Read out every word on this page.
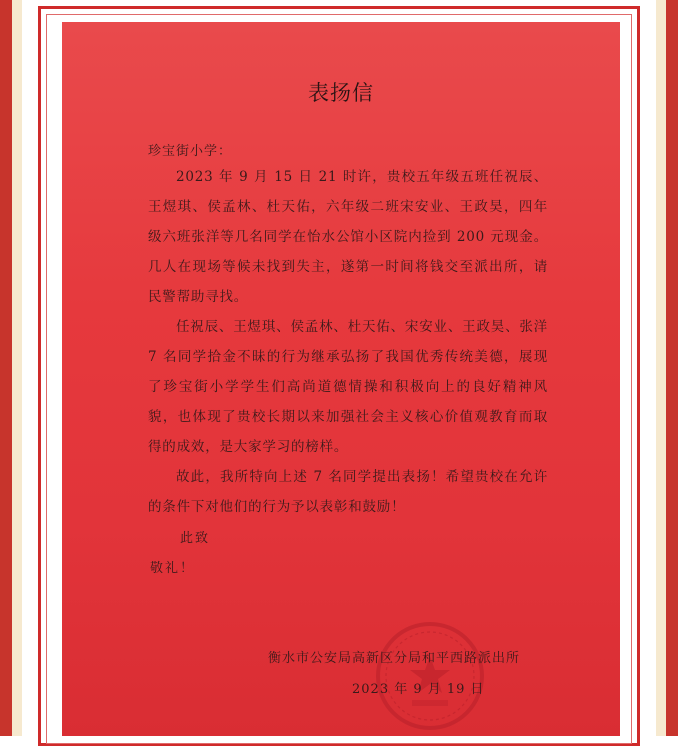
表扬信
珍宝街小学：
2023 年 9 月 15 日 21 时许，贵校五年级五班任祝辰、王煜琪、侯孟林、杜天佑，六年级二班宋安业、王政昊，四年级六班张洋等几名同学在怡水公馆小区院内捡到 200 元现金。几人在现场等候未找到失主，遂第一时间将钱交至派出所，请民警帮助寻找。
任祝辰、王煜琪、侯孟林、杜天佑、宋安业、王政昊、张洋 7 名同学拾金不昧的行为继承弘扬了我国优秀传统美德，展现了珍宝街小学学生们高尚道德情操和积极向上的良好精神风貌，也体现了贵校长期以来加强社会主义核心价值观教育而取得的成效，是大家学习的榜样。
故此，我所特向上述 7 名同学提出表扬！希望贵校在允许的条件下对他们的行为予以表彰和鼓励！
此致
敬礼！
衡水市公安局高新区分局和平西路派出所
2023 年 9 月 19 日
